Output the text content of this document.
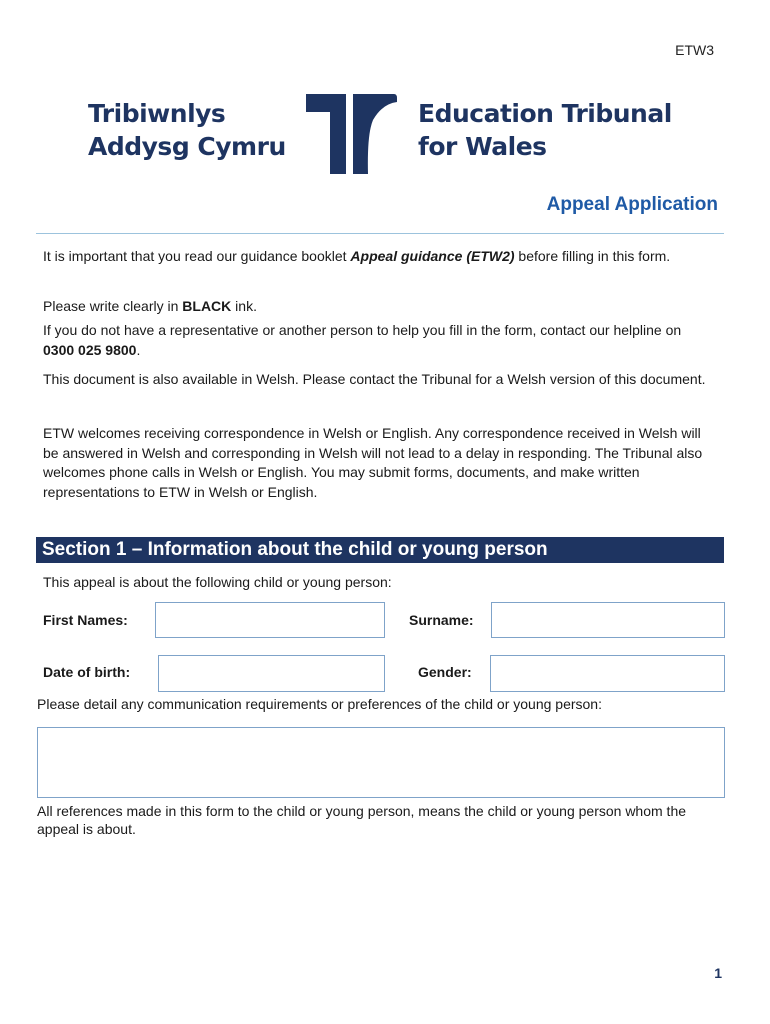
ETW3
Tribiwnlys
Addysg Cymru
Education Tribunal
for Wales
Appeal Application

It is important that you read our guidance booklet Appeal guidance (ETW2) before filling in this form.

Please write clearly in BLACK ink.

If you do not have a representative or another person to help you fill in the form, contact our helpline on 0300 025 9800.

This document is also available in Welsh. Please contact the Tribunal for a Welsh version of this document.

ETW welcomes receiving correspondence in Welsh or English. Any correspondence received in Welsh will be answered in Welsh and corresponding in Welsh will not lead to a delay in responding. The Tribunal also welcomes phone calls in Welsh or English. You may submit forms, documents, and make written representations to ETW in Welsh or English.

Section 1 – Information about the child or young person
This appeal is about the following child or young person:
First Names:	Surname:
Date of birth:	Gender:
Please detail any communication requirements or preferences of the child or young person:
All references made in this form to the child or young person, means the child or young person whom the appeal is about.
1
